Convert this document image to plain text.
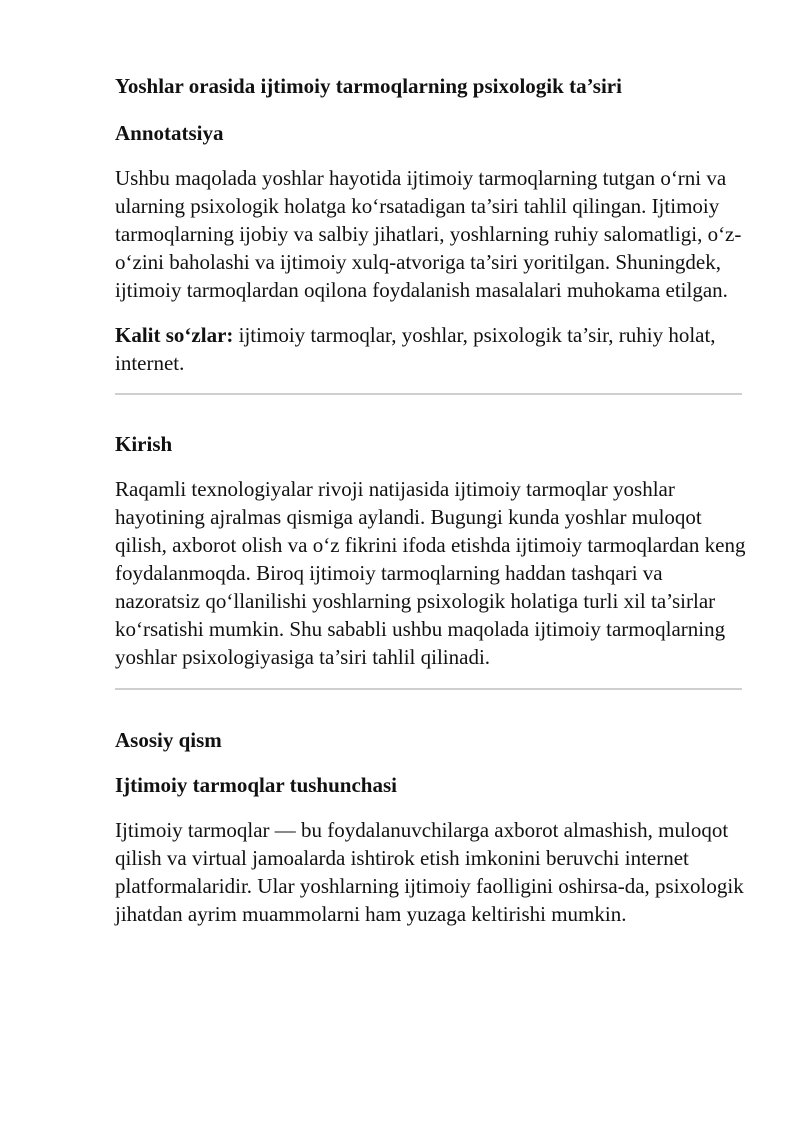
Yoshlar orasida ijtimoiy tarmoqlarning psixologik ta’siri
Annotatsiya

Ushbu maqolada yoshlar hayotida ijtimoiy tarmoqlarning tutgan o‘rni va ularning psixologik holatga ko‘rsatadigan ta’siri tahlil qilingan. Ijtimoiy tarmoqlarning ijobiy va salbiy jihatlari, yoshlarning ruhiy salomatligi, o‘z-o‘zini baholashi va ijtimoiy xulq-atvoriga ta’siri yoritilgan. Shuningdek, ijtimoiy tarmoqlardan oqilona foydalanish masalalari muhokama etilgan.

Kalit so‘zlar: ijtimoiy tarmoqlar, yoshlar, psixologik ta’sir, ruhiy holat, internet.

Kirish

Raqamli texnologiyalar rivoji natijasida ijtimoiy tarmoqlar yoshlar hayotining ajralmas qismiga aylandi. Bugungi kunda yoshlar muloqot qilish, axborot olish va o‘z fikrini ifoda etishda ijtimoiy tarmoqlardan keng foydalanmoqda. Biroq ijtimoiy tarmoqlarning haddan tashqari va nazoratsiz qo‘llanilishi yoshlarning psixologik holatiga turli xil ta’sirlar ko‘rsatishi mumkin. Shu sababli ushbu maqolada ijtimoiy tarmoqlarning yoshlar psixologiyasiga ta’siri tahlil qilinadi.

Asosiy qism
Ijtimoiy tarmoqlar tushunchasi

Ijtimoiy tarmoqlar — bu foydalanuvchilarga axborot almashish, muloqot qilish va virtual jamoalarda ishtirok etish imkonini beruvchi internet platformalaridir. Ular yoshlarning ijtimoiy faolligini oshirsa-da, psixologik jihatdan ayrim muammolarni ham yuzaga keltirishi mumkin.
